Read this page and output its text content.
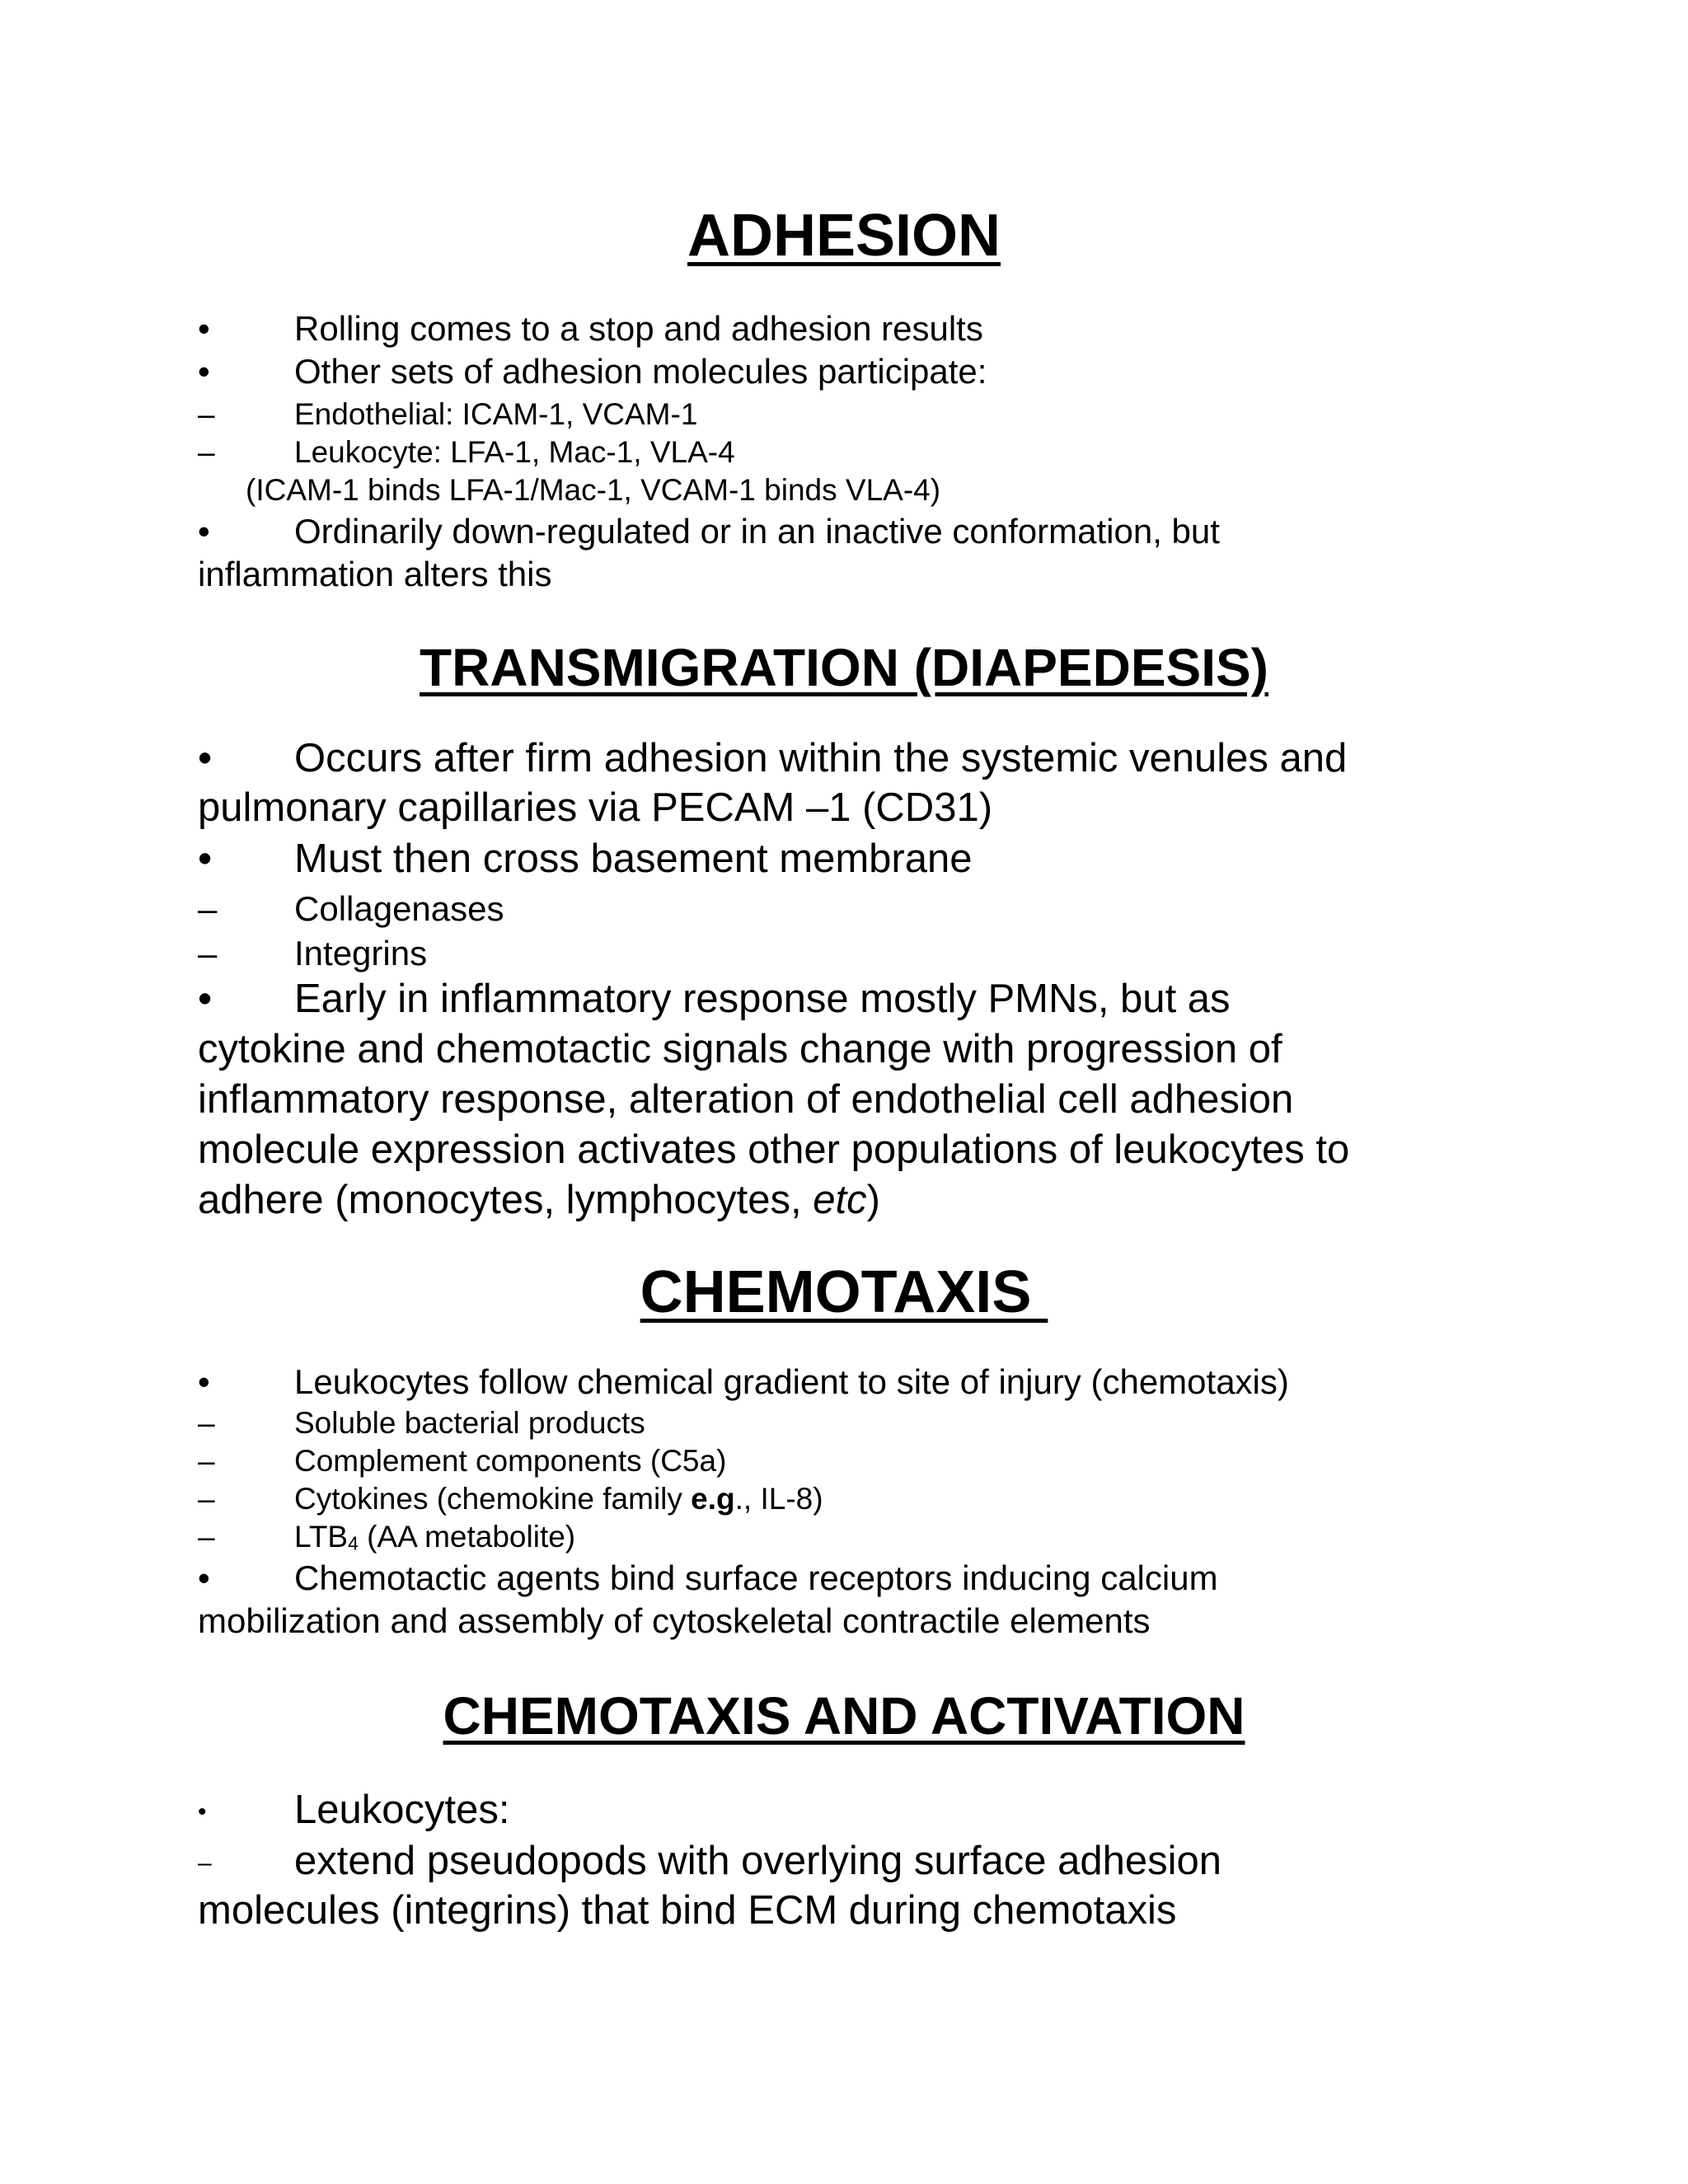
ADHESION
• Rolling comes to a stop and adhesion results
• Other sets of adhesion molecules participate:
–	Endothelial: ICAM-1, VCAM-1
–	Leukocyte: LFA-1, Mac-1, VLA-4
(ICAM-1 binds LFA-1/Mac-1, VCAM-1 binds VLA-4)
• Ordinarily down-regulated or in an inactive conformation, but
inflammation alters this
TRANSMIGRATION (DIAPEDESIS)
• Occurs after firm adhesion within the systemic venules and
pulmonary capillaries via PECAM –1 (CD31)
• Must then cross basement membrane
– Collagenases
– Integrins
• Early in inflammatory response mostly PMNs, but as
cytokine and chemotactic signals change with progression of
inflammatory response, alteration of endothelial cell adhesion
molecule expression activates other populations of leukocytes to
adhere (monocytes, lymphocytes, etc)
CHEMOTAXIS
• Leukocytes follow chemical gradient to site of injury (chemotaxis)
–	Soluble bacterial products
–	Complement components (C5a)
–	Cytokines (chemokine family e.g., IL-8)
–	$LTB_4$ (AA metabolite)
• Chemotactic agents bind surface receptors inducing calcium
mobilization and assembly of cytoskeletal contractile elements
CHEMOTAXIS AND ACTIVATION
• Leukocytes:
– extend pseudopods with overlying surface adhesion
molecules (integrins) that bind ECM during chemotaxis
